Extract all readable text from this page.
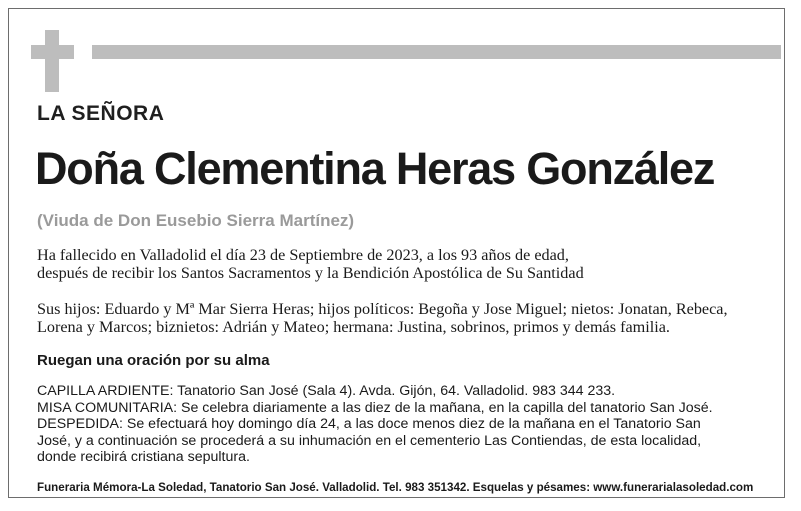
LA SEÑORA
Doña Clementina Heras González
(Viuda de Don Eusebio Sierra Martínez)
Ha fallecido en Valladolid el día 23 de Septiembre de 2023, a los 93 años de edad,
después de recibir los Santos Sacramentos y la Bendición Apostólica de Su Santidad
Sus hijos: Eduardo y Mª Mar Sierra Heras; hijos políticos: Begoña y Jose Miguel; nietos: Jonatan, Rebeca,
Lorena y Marcos; biznietos: Adrián y Mateo; hermana: Justina, sobrinos, primos y demás familia.
Ruegan una oración por su alma
CAPILLA ARDIENTE: Tanatorio San José (Sala 4). Avda. Gijón, 64. Valladolid. 983 344 233.
MISA COMUNITARIA: Se celebra diariamente a las diez de la mañana, en la capilla del tanatorio San José.
DESPEDIDA: Se efectuará hoy domingo día 24, a las doce menos diez de la mañana en el Tanatorio San
José, y a continuación se procederá a su inhumación en el cementerio Las Contiendas, de esta localidad,
donde recibirá cristiana sepultura.
Funeraria Mémora-La Soledad, Tanatorio San José. Valladolid. Tel. 983 351342. Esquelas y pésames: www.funerarialasoledad.com
